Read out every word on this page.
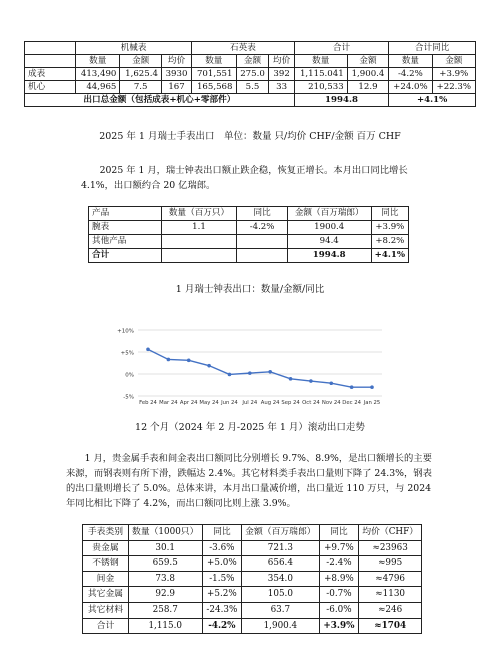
	机械表			石英表			合计		合计同比	
	数量	金额	均价	数量	金额	均价	数量	金额	数量	金额
成表	413,490	1,625.4	3930	701,551	275.0	392	1,115.041	1,900.4	-4.2%	+3.9%
机心	44,965	7.5	167	165,568	5.5	33	210,533	12.9	+24.0%	+22.3%
出口总金额（包括成表+机心+零部件）							1994.8		+4.1%	
2025 年 1 月瑞士手表出口　单位：数量 只/均价 CHF/金额 百万 CHF
2025 年 1 月，瑞士钟表出口额止跌企稳，恢复正增长。本月出口同比增长 4.1%，出口额约合 20 亿瑞郎。
产品	数量（百万只）	同比	金额（百万瑞郎）	同比
腕表	1.1	-4.2%	1900.4	+3.9%
其他产品			94.4	+8.2%
合计			1994.8	+4.1%
1 月瑞士钟表出口：数量/金额/同比
+10%
+5%
0%
-5%
Feb 24 Mar 24 Apr 24 May 24 Jun 24 Jul 24 Aug 24 Sep 24 Oct 24 Nov 24 Dec 24 Jan 25
12 个月（2024 年 2 月-2025 年 1 月）滚动出口走势
1 月，贵金属手表和间金表出口额同比分别增长 9.7%、8.9%，是出口额增长的主要来源，而钢表则有所下滑，跌幅达 2.4%。其它材料类手表出口量则下降了 24.3%，钢表的出口量则增长了 5.0%。总体来讲，本月出口量减价增，出口量近 110 万只，与 2024 年同比相比下降了 4.2%，而出口额同比则上涨 3.9%。
手表类别	数量（1000只）	同比	金额（百万瑞郎）	同比	均价（CHF）
贵金属	30.1	-3.6%	721.3	+9.7%	≈23963
不锈钢	659.5	+5.0%	656.4	-2.4%	≈995
间金	73.8	-1.5%	354.0	+8.9%	≈4796
其它金属	92.9	+5.2%	105.0	-0.7%	≈1130
其它材料	258.7	-24.3%	63.7	-6.0%	≈246
合计	1,115.0	-4.2%	1,900.4	+3.9%	≈1704
